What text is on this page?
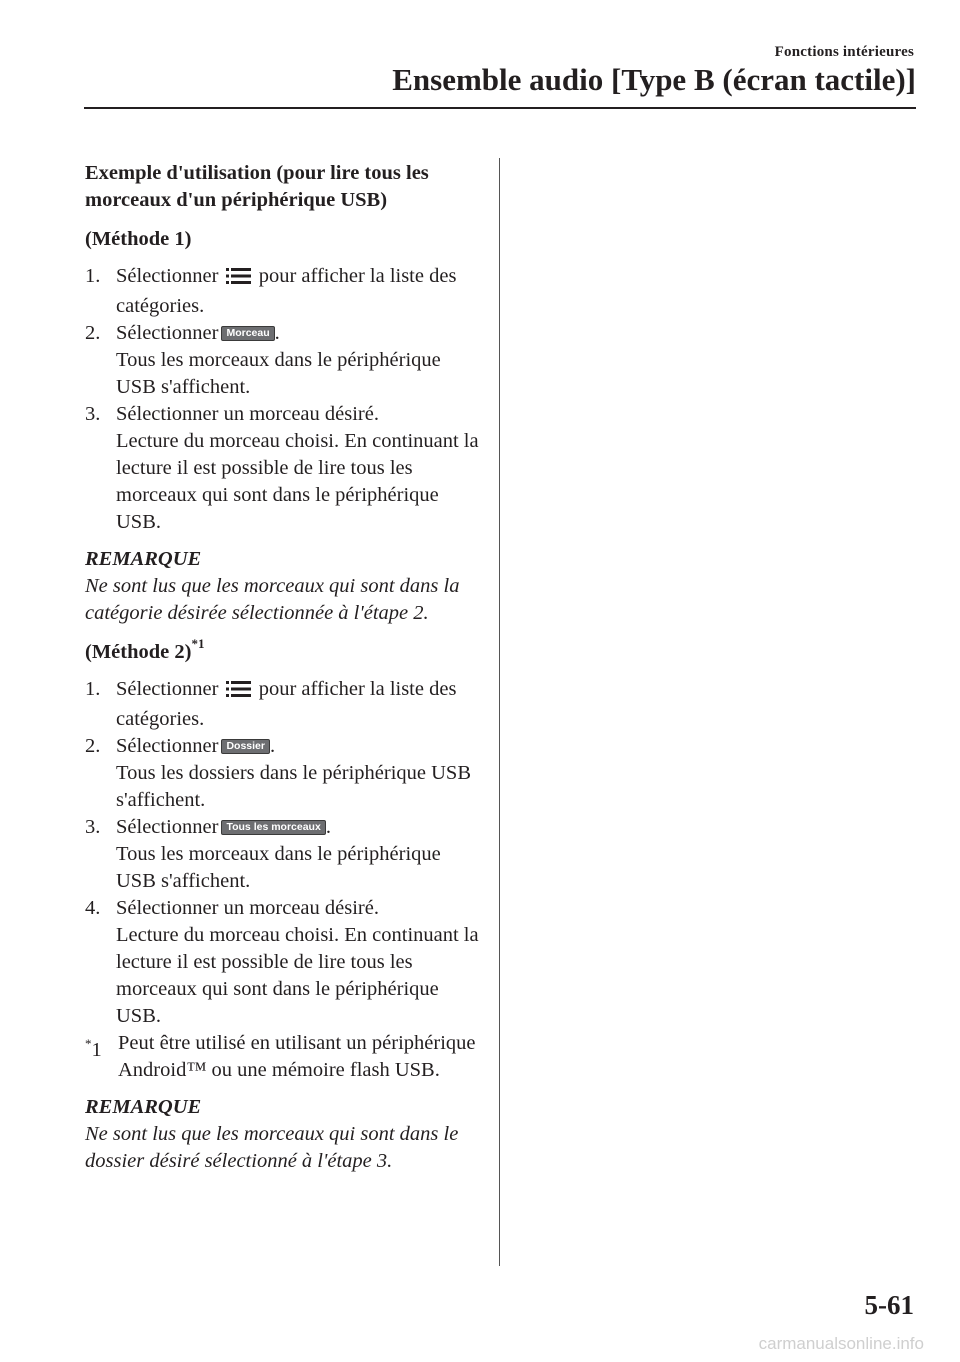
Fonctions intérieures
Ensemble audio [Type B (écran tactile)]

Exemple d'utilisation (pour lire tous les morceaux d'un périphérique USB)

(Méthode 1)

1. Sélectionner pour afficher la liste des catégories.
2. Sélectionner Morceau .
Tous les morceaux dans le périphérique USB s'affichent.
3. Sélectionner un morceau désiré.
Lecture du morceau choisi. En continuant la lecture il est possible de lire tous les morceaux qui sont dans le périphérique USB.

REMARQUE

Ne sont lus que les morceaux qui sont dans la catégorie désirée sélectionnée à l'étape 2.

(Méthode 2)$^{*1}$

1. Sélectionner pour afficher la liste des catégories.
2. Sélectionner Dossier .
Tous les dossiers dans le périphérique USB s'affichent.
3. Sélectionner Tous les morceaux .
Tous les morceaux dans le périphérique USB s'affichent.
4. Sélectionner un morceau désiré.
Lecture du morceau choisi. En continuant la lecture il est possible de lire tous les morceaux qui sont dans le périphérique USB.
*1 Peut être utilisé en utilisant un périphérique Android™ ou une mémoire flash USB.

REMARQUE

Ne sont lus que les morceaux qui sont dans le dossier désiré sélectionné à l'étape 3.

5-61
carmanualsonline.info
